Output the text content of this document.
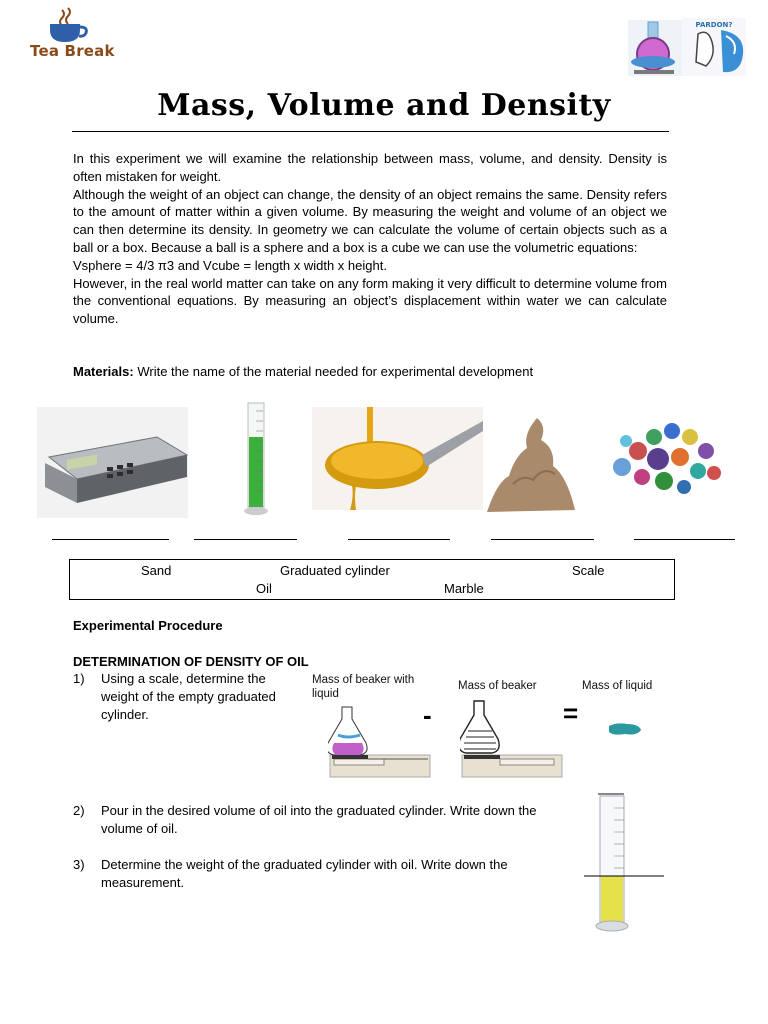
Tea Break
PARDON?
Mass, Volume and Density

In this experiment we will examine the relationship between mass, volume, and density. Density is often mistaken for weight.

Although the weight of an object can change, the density of an object remains the same. Density refers to the amount of matter within a given volume. By measuring the weight and volume of an object we can then determine its density. In geometry we can calculate the volume of certain objects such as a ball or a box. Because a ball is a sphere and a box is a cube we can use the volumetric equations:

Vsphere = 4/3 π3 and Vcube = length x width x height.

However, in the real world matter can take on any form making it very difficult to determine volume from the conventional equations. By measuring an object’s displacement within water we can calculate volume.

Materials: Write the name of the material needed for experimental development
Sand	Graduated cylinder	Scale
Oil	Marble
Experimental Procedure
DETERMINATION OF DENSITY OF OIL
1) Using a scale, determine the weight of the empty graduated cylinder.
2) Pour in the desired volume of oil into the graduated cylinder. Write down the volume of oil.
3) Determine the weight of the graduated cylinder with oil. Write down the measurement.
Mass of beaker with liquid
Mass of beaker	Mass of liquid
-	=
